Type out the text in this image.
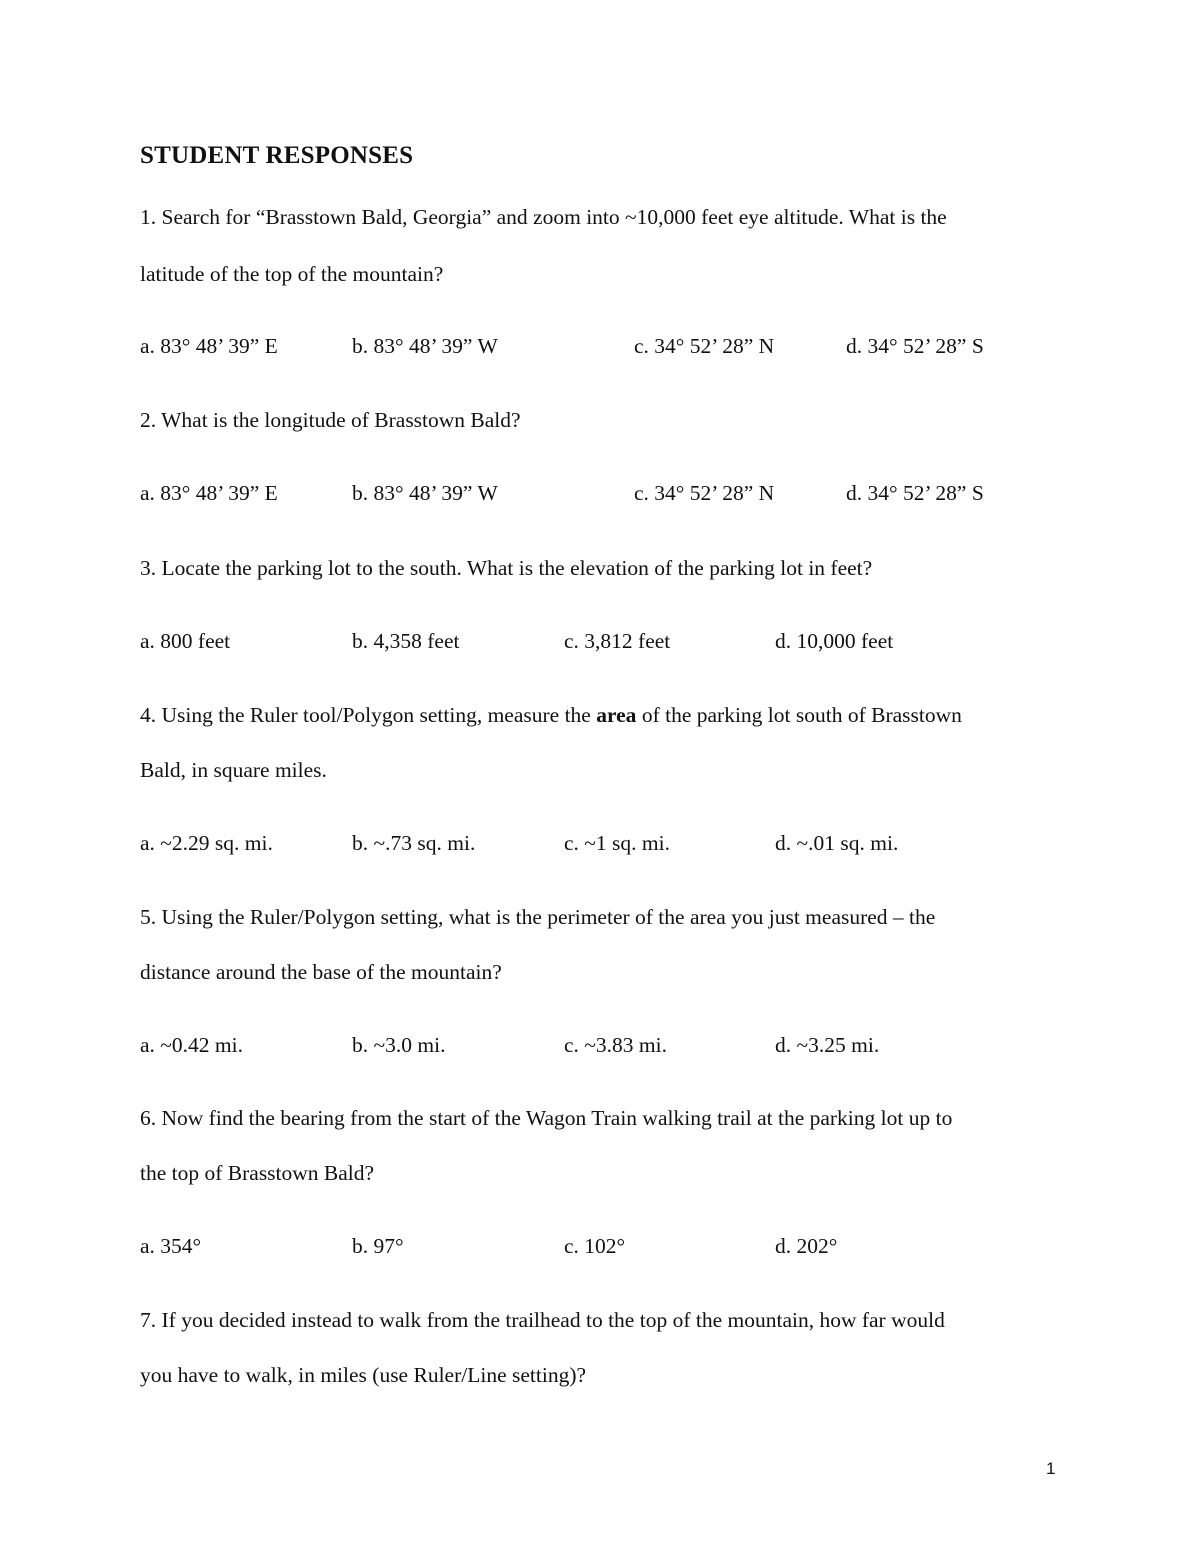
STUDENT RESPONSES
1. Search for “Brasstown Bald, Georgia” and zoom into ~10,000 feet eye altitude. What is the
latitude of the top of the mountain?
a. 83° 48’ 39” E	b. 83° 48’ 39” W	c. 34° 52’ 28” N	d. 34° 52’ 28” S
2. What is the longitude of Brasstown Bald?
a. 83° 48’ 39” E	b. 83° 48’ 39” W	c. 34° 52’ 28” N	d. 34° 52’ 28” S
3. Locate the parking lot to the south. What is the elevation of the parking lot in feet?
a. 800 feet	b. 4,358 feet	c. 3,812 feet	d. 10,000 feet
4. Using the Ruler tool/Polygon setting, measure the area of the parking lot south of Brasstown
Bald, in square miles.
a. ~2.29 sq. mi.	b. ~.73 sq. mi.	c. ~1 sq. mi.	d. ~.01 sq. mi.
5. Using the Ruler/Polygon setting, what is the perimeter of the area you just measured – the
distance around the base of the mountain?
a. ~0.42 mi.	b. ~3.0 mi.	c. ~3.83 mi.	d. ~3.25 mi.
6. Now find the bearing from the start of the Wagon Train walking trail at the parking lot up to
the top of Brasstown Bald?
a. 354°	b. 97°	c. 102°	d. 202°
7. If you decided instead to walk from the trailhead to the top of the mountain, how far would
you have to walk, in miles (use Ruler/Line setting)?
1
